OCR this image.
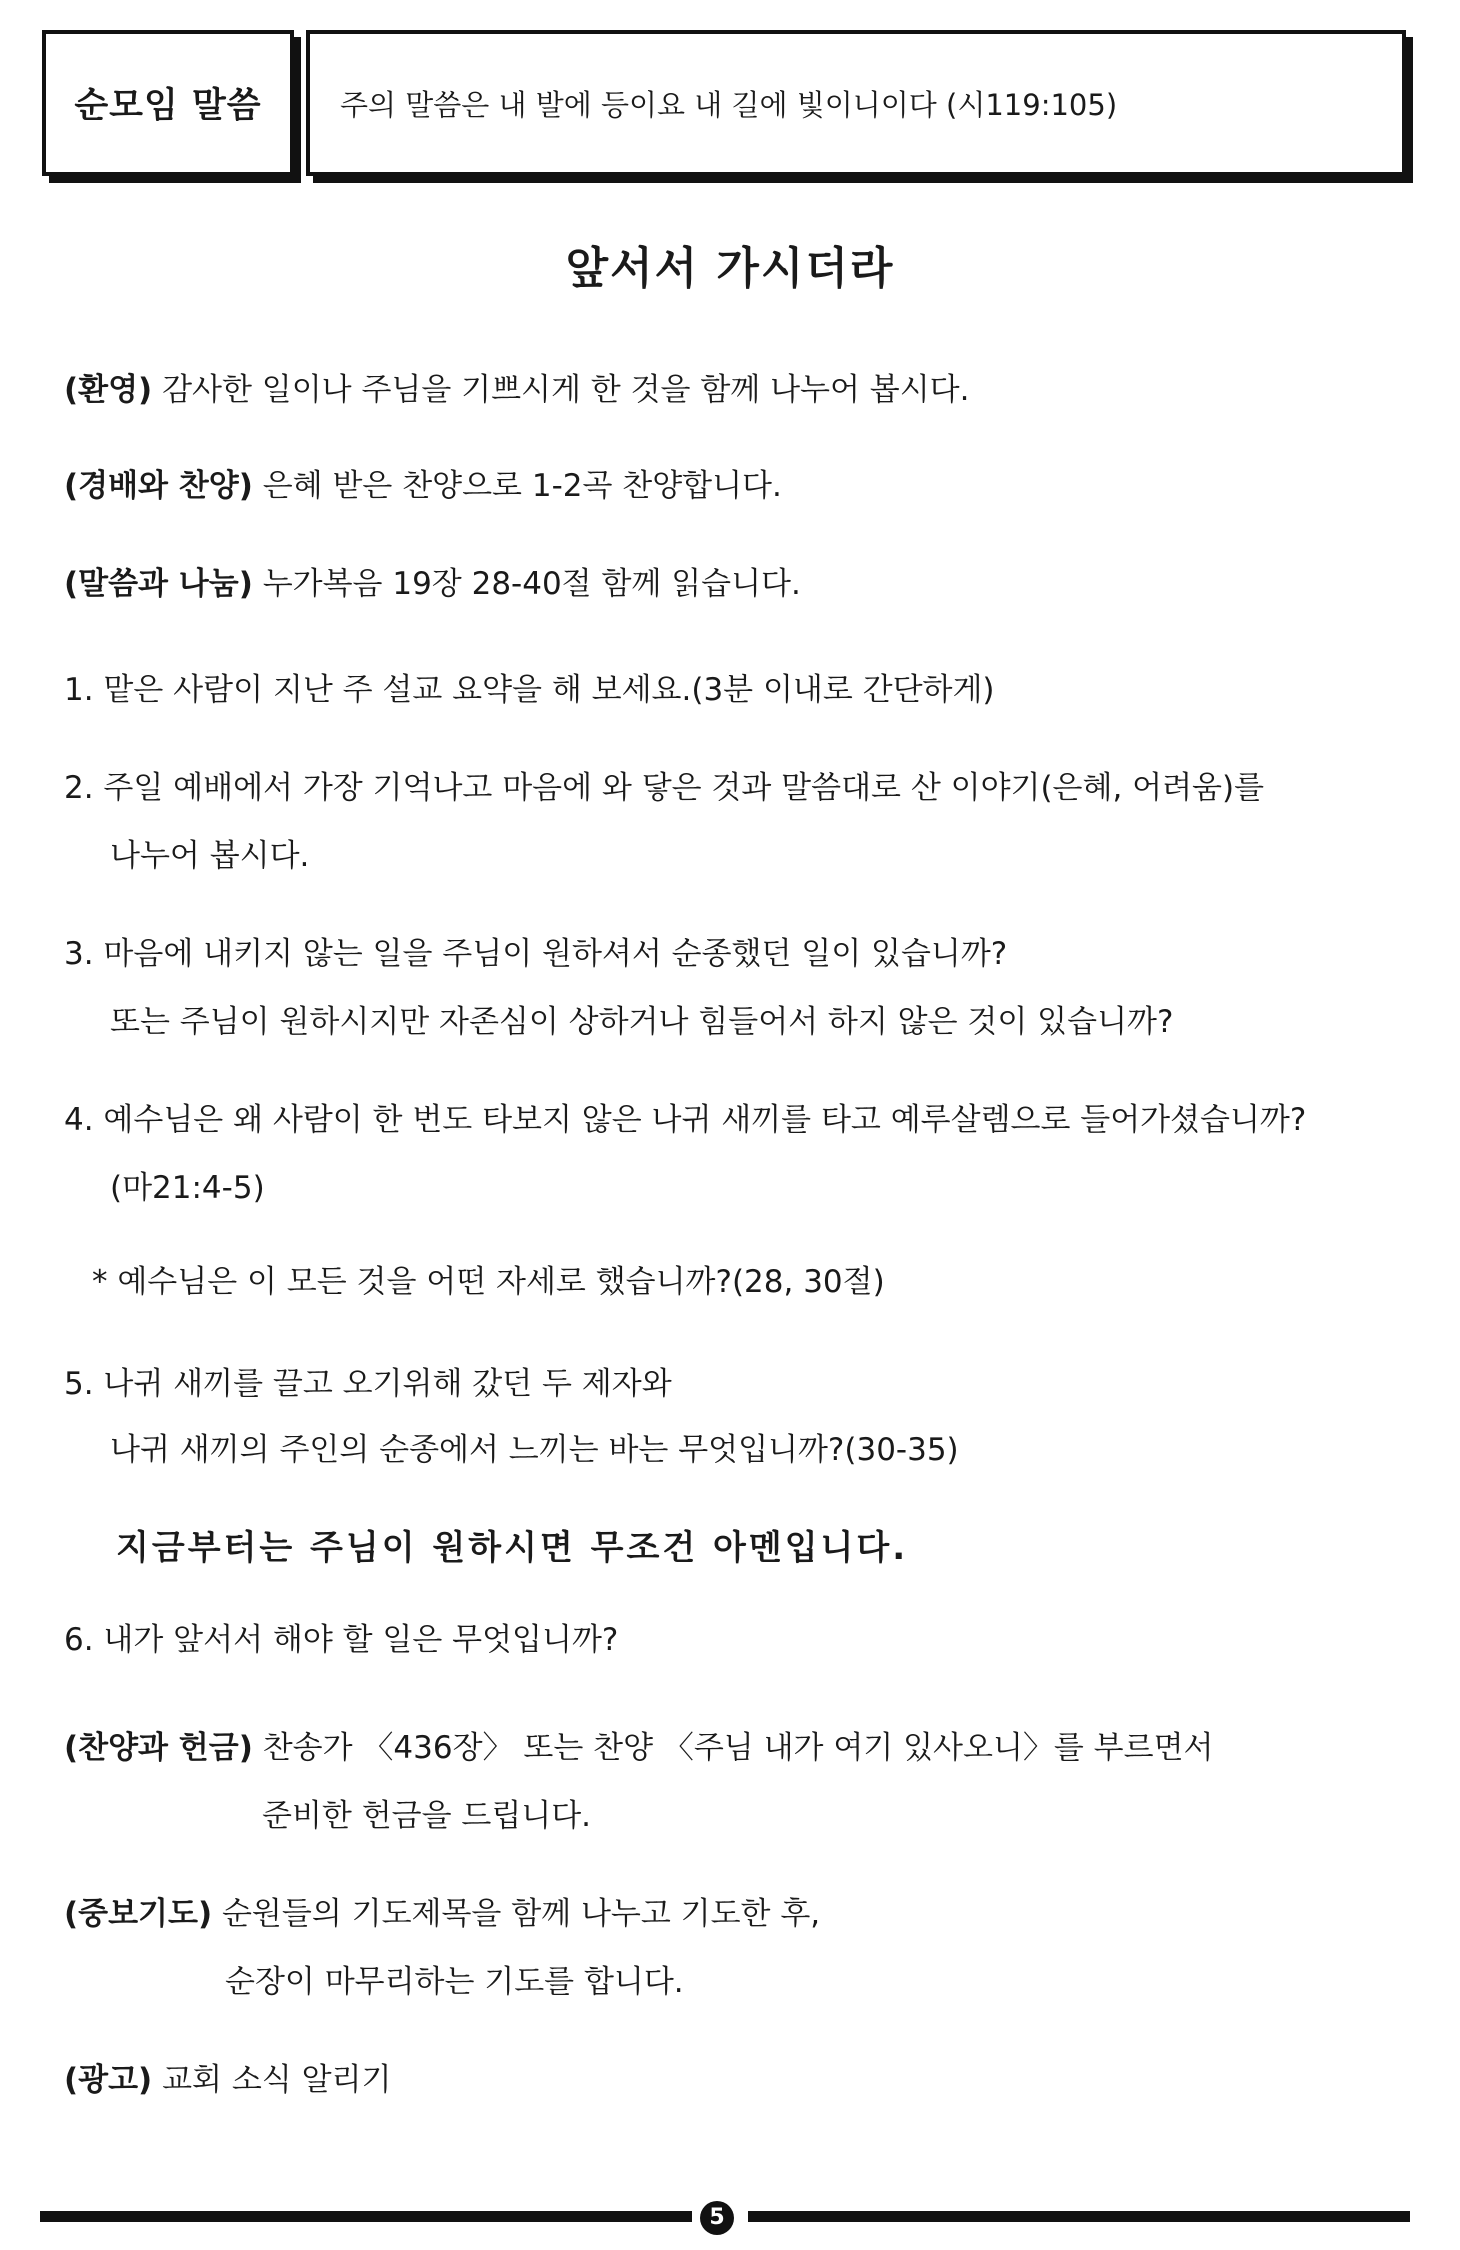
순모임 말씀	주의 말씀은 내 발에 등이요 내 길에 빛이니이다 (시119:105)
앞서서 가시더라
(환영) 감사한 일이나 주님을 기쁘시게 한 것을 함께 나누어 봅시다.
(경배와 찬양) 은혜 받은 찬양으로 1-2곡 찬양합니다.
(말씀과 나눔) 누가복음 19장 28-40절 함께 읽습니다.
1. 맡은 사람이 지난 주 설교 요약을 해 보세요.(3분 이내로 간단하게)
2. 주일 예배에서 가장 기억나고 마음에 와 닿은 것과 말씀대로 산 이야기(은혜, 어려움)를
나누어 봅시다.
3. 마음에 내키지 않는 일을 주님이 원하셔서 순종했던 일이 있습니까?
또는 주님이 원하시지만 자존심이 상하거나 힘들어서 하지 않은 것이 있습니까?
4. 예수님은 왜 사람이 한 번도 타보지 않은 나귀 새끼를 타고 예루살렘으로 들어가셨습니까?
(마21:4-5)
* 예수님은 이 모든 것을 어떤 자세로 했습니까?(28, 30절)
5. 나귀 새끼를 끌고 오기위해 갔던 두 제자와
나귀 새끼의 주인의 순종에서 느끼는 바는 무엇입니까?(30-35)
지금부터는 주님이 원하시면 무조건 아멘입니다.
6. 내가 앞서서 해야 할 일은 무엇입니까?
(찬양과 헌금) 찬송가 〈436장〉 또는 찬양 〈주님 내가 여기 있사오니〉를 부르면서
준비한 헌금을 드립니다.
(중보기도) 순원들의 기도제목을 함께 나누고 기도한 후,
순장이 마무리하는 기도를 합니다.
(광고) 교회 소식 알리기
5
